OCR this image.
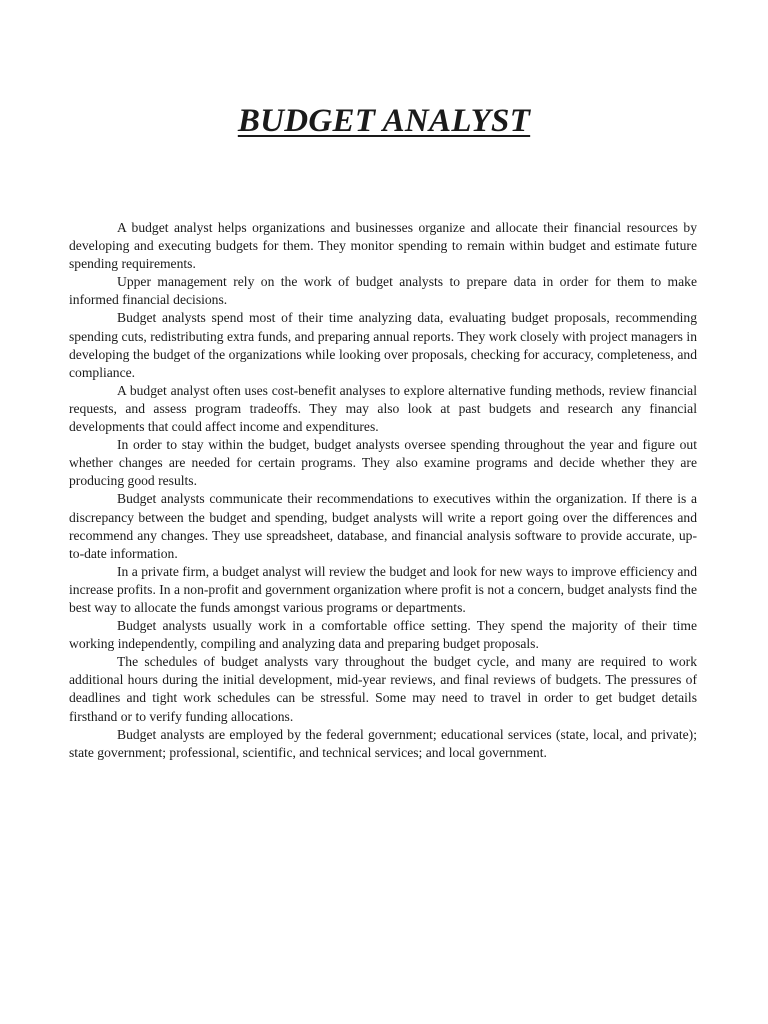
BUDGET ANALYST

A budget analyst helps organizations and businesses organize and allocate their financial resources by developing and executing budgets for them. They monitor spending to remain within budget and estimate future spending requirements.

Upper management rely on the work of budget analysts to prepare data in order for them to make informed financial decisions.

Budget analysts spend most of their time analyzing data, evaluating budget proposals, recommending spending cuts, redistributing extra funds, and preparing annual reports. They work closely with project managers in developing the budget of the organizations while looking over proposals, checking for accuracy, completeness, and compliance.

A budget analyst often uses cost-benefit analyses to explore alternative funding methods, review financial requests, and assess program tradeoffs. They may also look at past budgets and research any financial developments that could affect income and expenditures.

In order to stay within the budget, budget analysts oversee spending throughout the year and figure out whether changes are needed for certain programs. They also examine programs and decide whether they are producing good results.

Budget analysts communicate their recommendations to executives within the organization. If there is a discrepancy between the budget and spending, budget analysts will write a report going over the differences and recommend any changes. They use spreadsheet, database, and financial analysis software to provide accurate, up-to-date information.

In a private firm, a budget analyst will review the budget and look for new ways to improve efficiency and increase profits. In a non-profit and government organization where profit is not a concern, budget analysts find the best way to allocate the funds amongst various programs or departments.

Budget analysts usually work in a comfortable office setting. They spend the majority of their time working independently, compiling and analyzing data and preparing budget proposals.

The schedules of budget analysts vary throughout the budget cycle, and many are required to work additional hours during the initial development, mid-year reviews, and final reviews of budgets. The pressures of deadlines and tight work schedules can be stressful. Some may need to travel in order to get budget details firsthand or to verify funding allocations.

Budget analysts are employed by the federal government; educational services (state, local, and private); state government; professional, scientific, and technical services; and local government.
